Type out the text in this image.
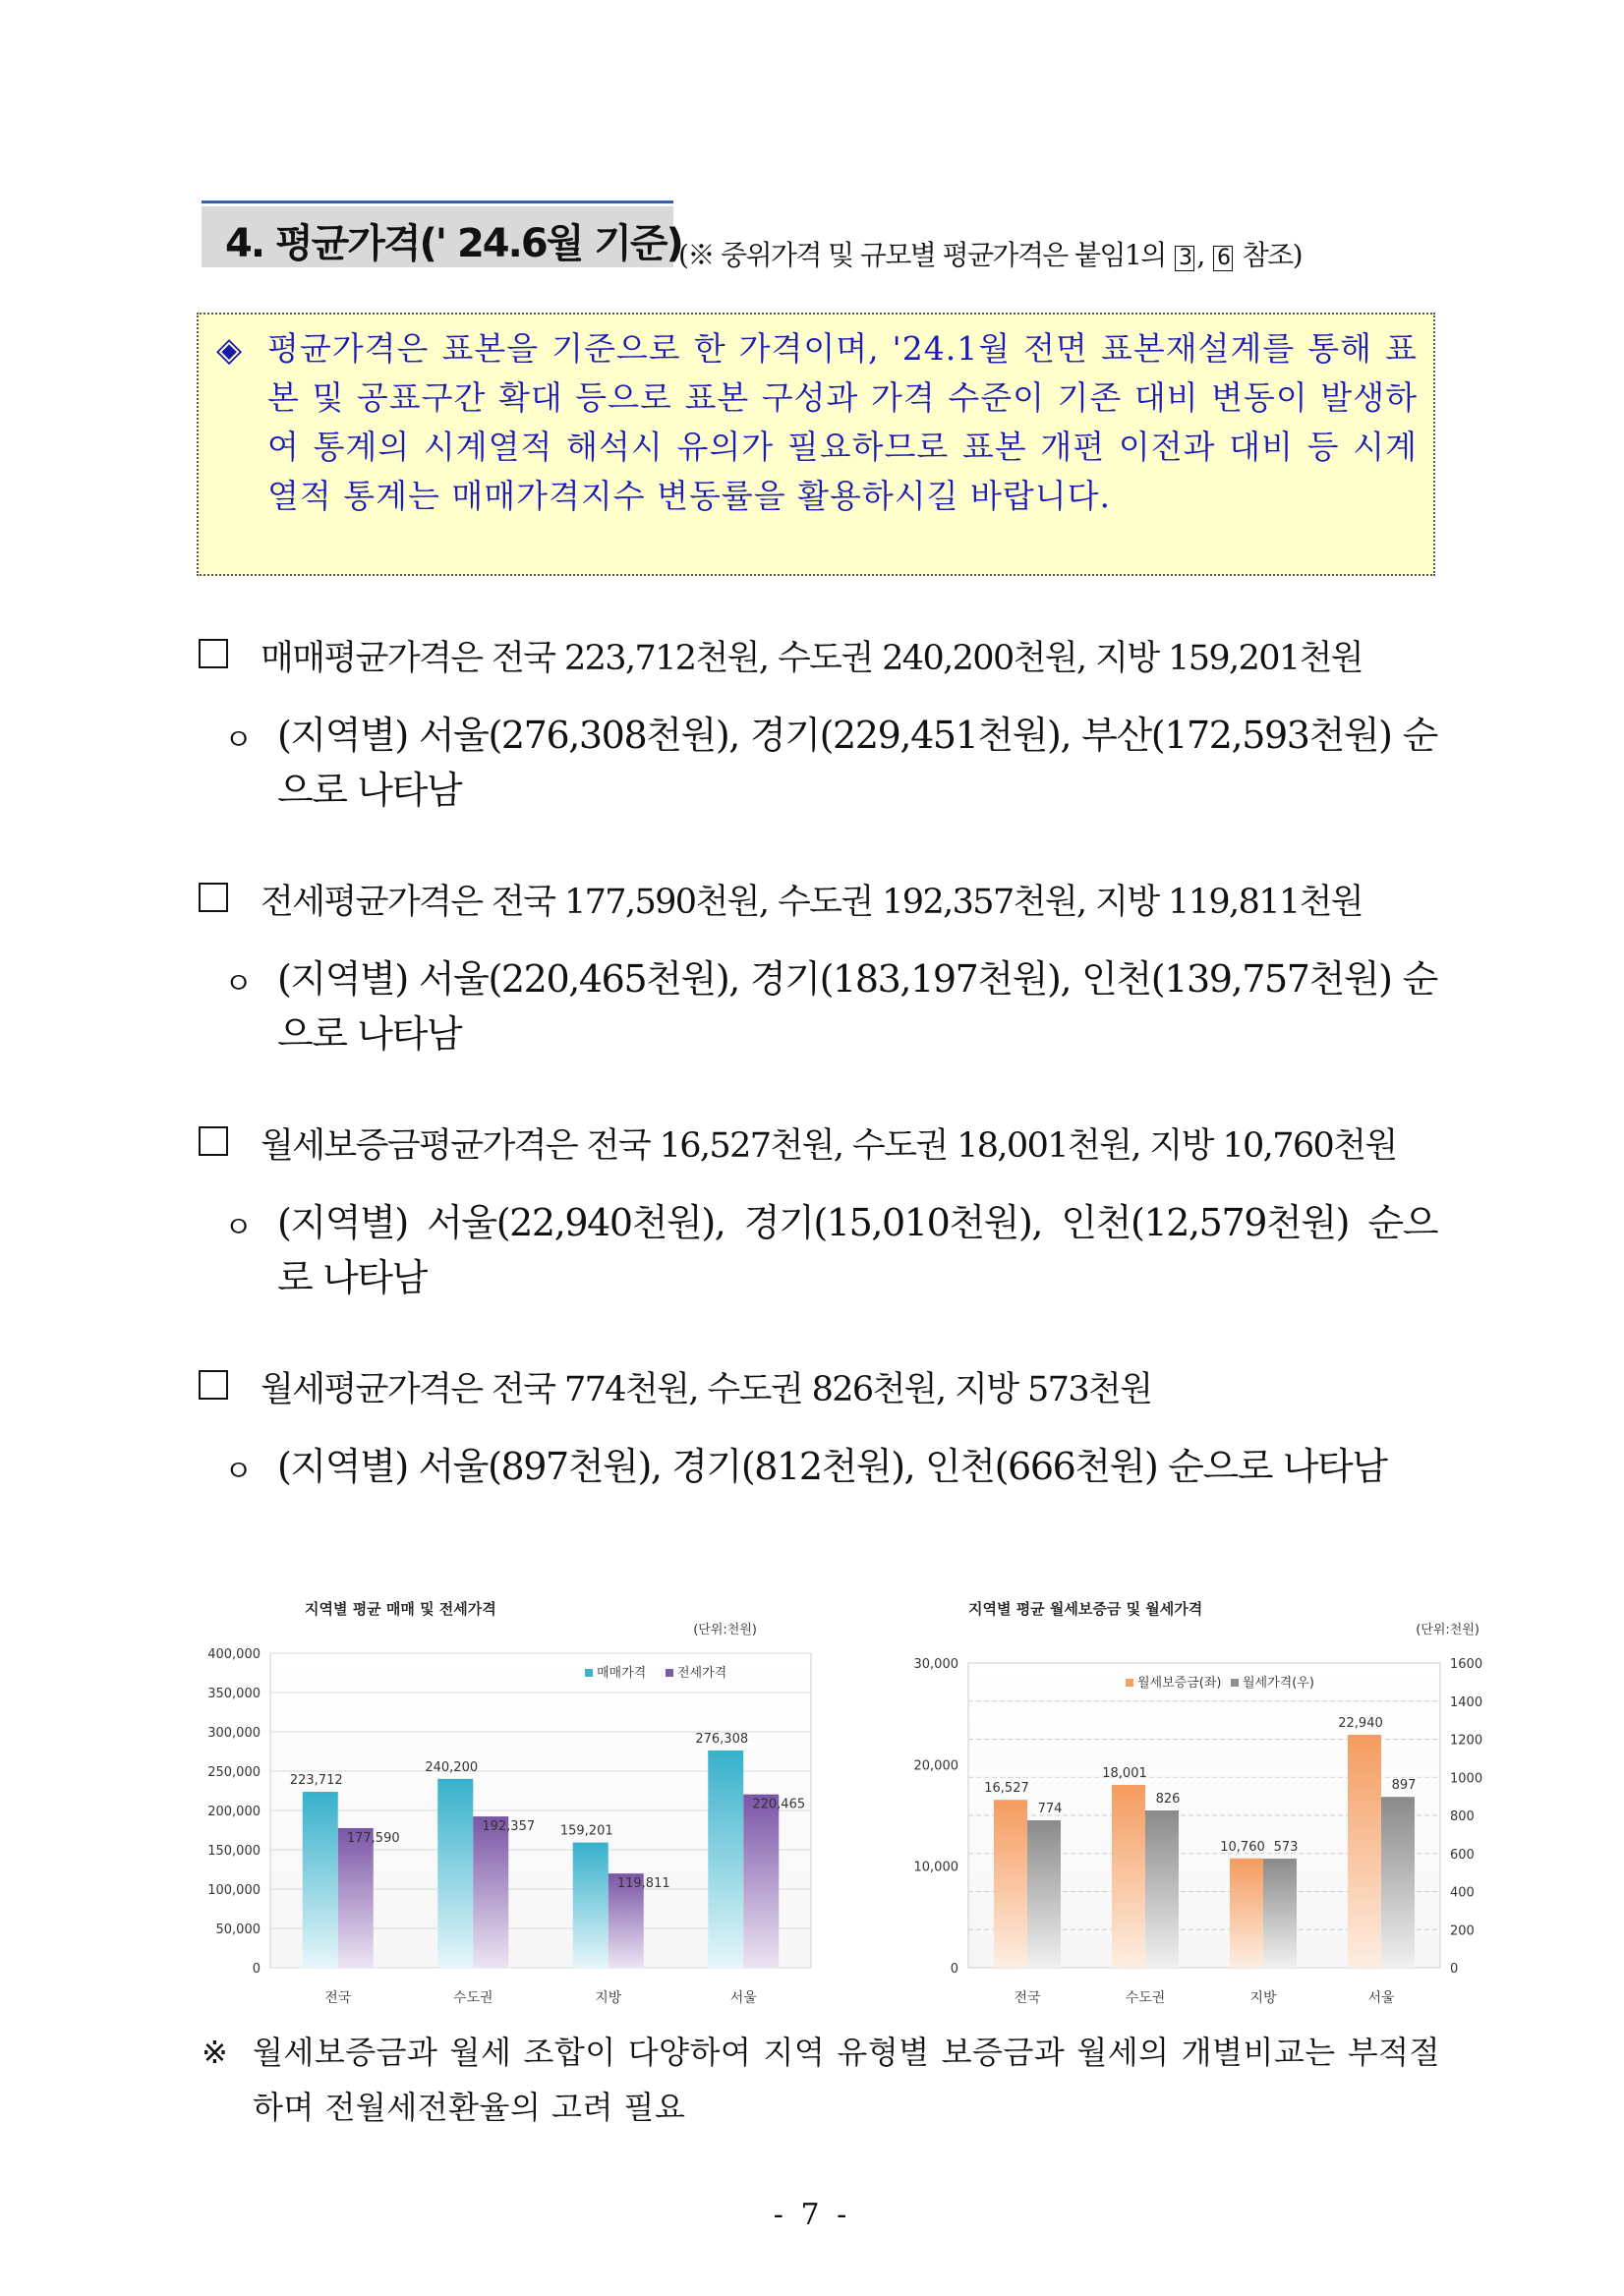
4. 평균가격(' 24.6월 기준)
(※ 중위가격 및 규모별 평균가격은 붙임1의 3 , 6 참조)
◈ 평균가격은 표본을 기준으로 한 가격이며, '24.1월 전면 표본재설계를 통해 표본 및 공표구간 확대 등으로 표본 구성과 가격 수준이 기존 대비 변동이 발생하여 통계의 시계열적 해석시 유의가 필요하므로 표본 개편 이전과 대비 등 시계열적 통계는 매매가격지수 변동률을 활용하시길 바랍니다.
매매평균가격은 전국 223,712천원, 수도권 240,200천원, 지방 159,201천원
ㅇ (지역별) 서울(276,308천원), 경기(229,451천원), 부산(172,593천원) 순으로 나타남
전세평균가격은 전국 177,590천원, 수도권 192,357천원, 지방 119,811천원
ㅇ (지역별) 서울(220,465천원), 경기(183,197천원), 인천(139,757천원) 순으로 나타남
월세보증금평균가격은 전국 16,527천원, 수도권 18,001천원, 지방 10,760천원
ㅇ (지역별) 서울(22,940천원), 경기(15,010천원), 인천(12,579천원) 순으로 나타남
월세평균가격은 전국 774천원, 수도권 826천원, 지방 573천원
ㅇ (지역별) 서울(897천원), 경기(812천원), 인천(666천원) 순으로 나타남
지역별 평균 매매 및 전세가격
(단위:천원)
0
50,000
100,000
150,000
200,000
250,000
300,000
350,000
400,000
223,712
177,590
240,200
192,357 159,201
119,811
276,308
220,465
전국	수도권	지방	서울
매매가격 전세가격
지역별 평균 월세보증금 및 월세가격
(단위:천원)
0
10,000
20,000
30,000
0
200
400
600
800
1000
1200
1400
1600
16,527
774
18,001
826
10,760 573
22,940
897
전국	수도권	지방	서울
월세보증금(좌) 월세가격(우)
※ 월세보증금과 월세 조합이 다양하여 지역 유형별 보증금과 월세의 개별비교는 부적절하며 전월세전환율의 고려 필요
- 7 -
